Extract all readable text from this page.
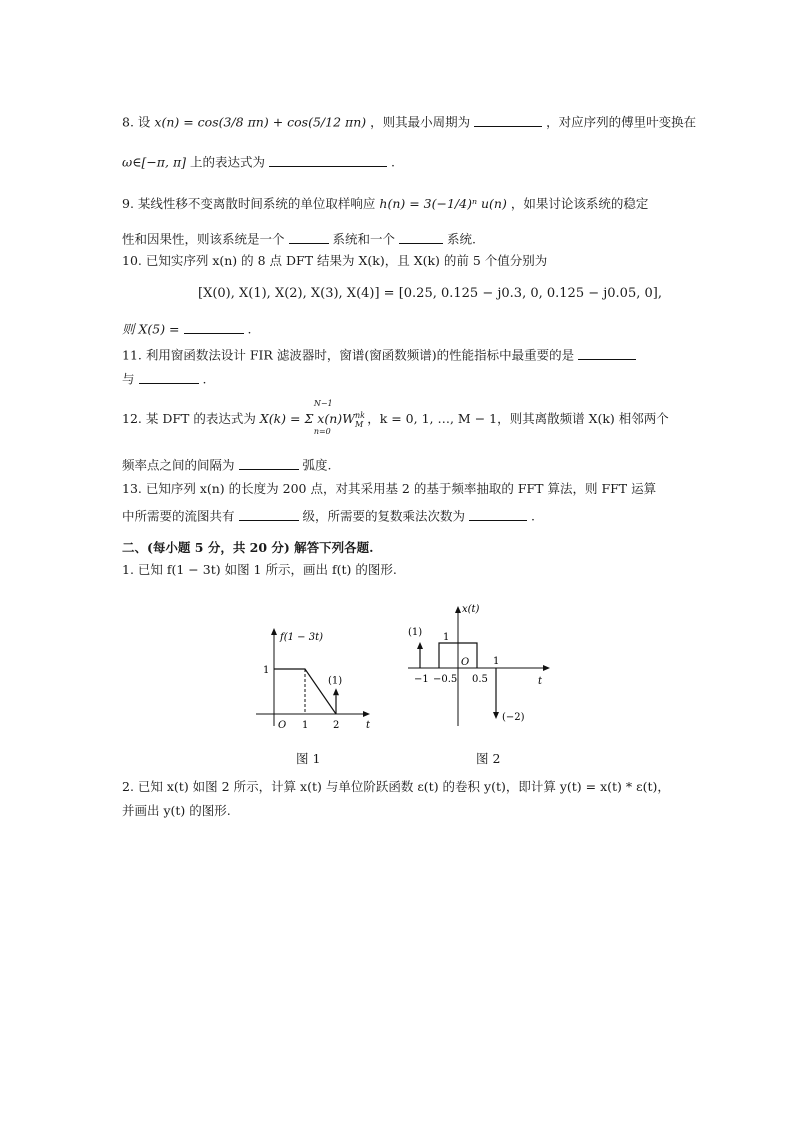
8. 设 x(n) = cos(3/8 πn) + cos(5/12 πn) ，则其最小周期为	，对应序列的傅里叶变换在
ω∈[−π, π] 上的表达式为	.
9. 某线性移不变离散时间系统的单位取样响应 h(n) = 3(−1/4)ⁿ u(n) ，如果讨论该系统的稳定
性和因果性，则该系统是一个	系统和一个	系统.
10. 已知实序列 x(n) 的 8 点 DFT 结果为 X(k)，且 X(k) 的前 5 个值分别为
[X(0), X(1), X(2), X(3), X(4)] = [0.25, 0.125 − j0.3, 0, 0.125 − j0.05, 0],
则 X(5) =	.
11. 利用窗函数法设计 FIR 滤波器时，窗谱(窗函数频谱)的性能指标中最重要的是
与	.
12. 某 DFT 的表达式为 X(k) = Σ $x(n)W^{nk}_M$
N−1
n=0
，k = 0, 1, …, M − 1，则其离散频谱 X(k) 相邻两个
频率点之间的间隔为	弧度.
13. 已知序列 x(n) 的长度为 200 点，对其采用基 2 的基于频率抽取的 FFT 算法，则 FFT 运算
中所需要的流图共有	级，所需要的复数乘法次数为	.
二、(每小题 5 分，共 20 分) 解答下列各题.
1. 已知 f(1 − 3t) 如图 1 所示，画出 f(t) 的图形.
f(1 − 3t)
t
O
1
1 2
(1)
图 1
x(t)
t
O
1
(1)
(−2)
−1 −0.5 0.5
1
图 2
2. 已知 x(t) 如图 2 所示，计算 x(t) 与单位阶跃函数 ε(t) 的卷积 y(t)，即计算 y(t) = x(t) * ε(t)，
并画出 y(t) 的图形.
